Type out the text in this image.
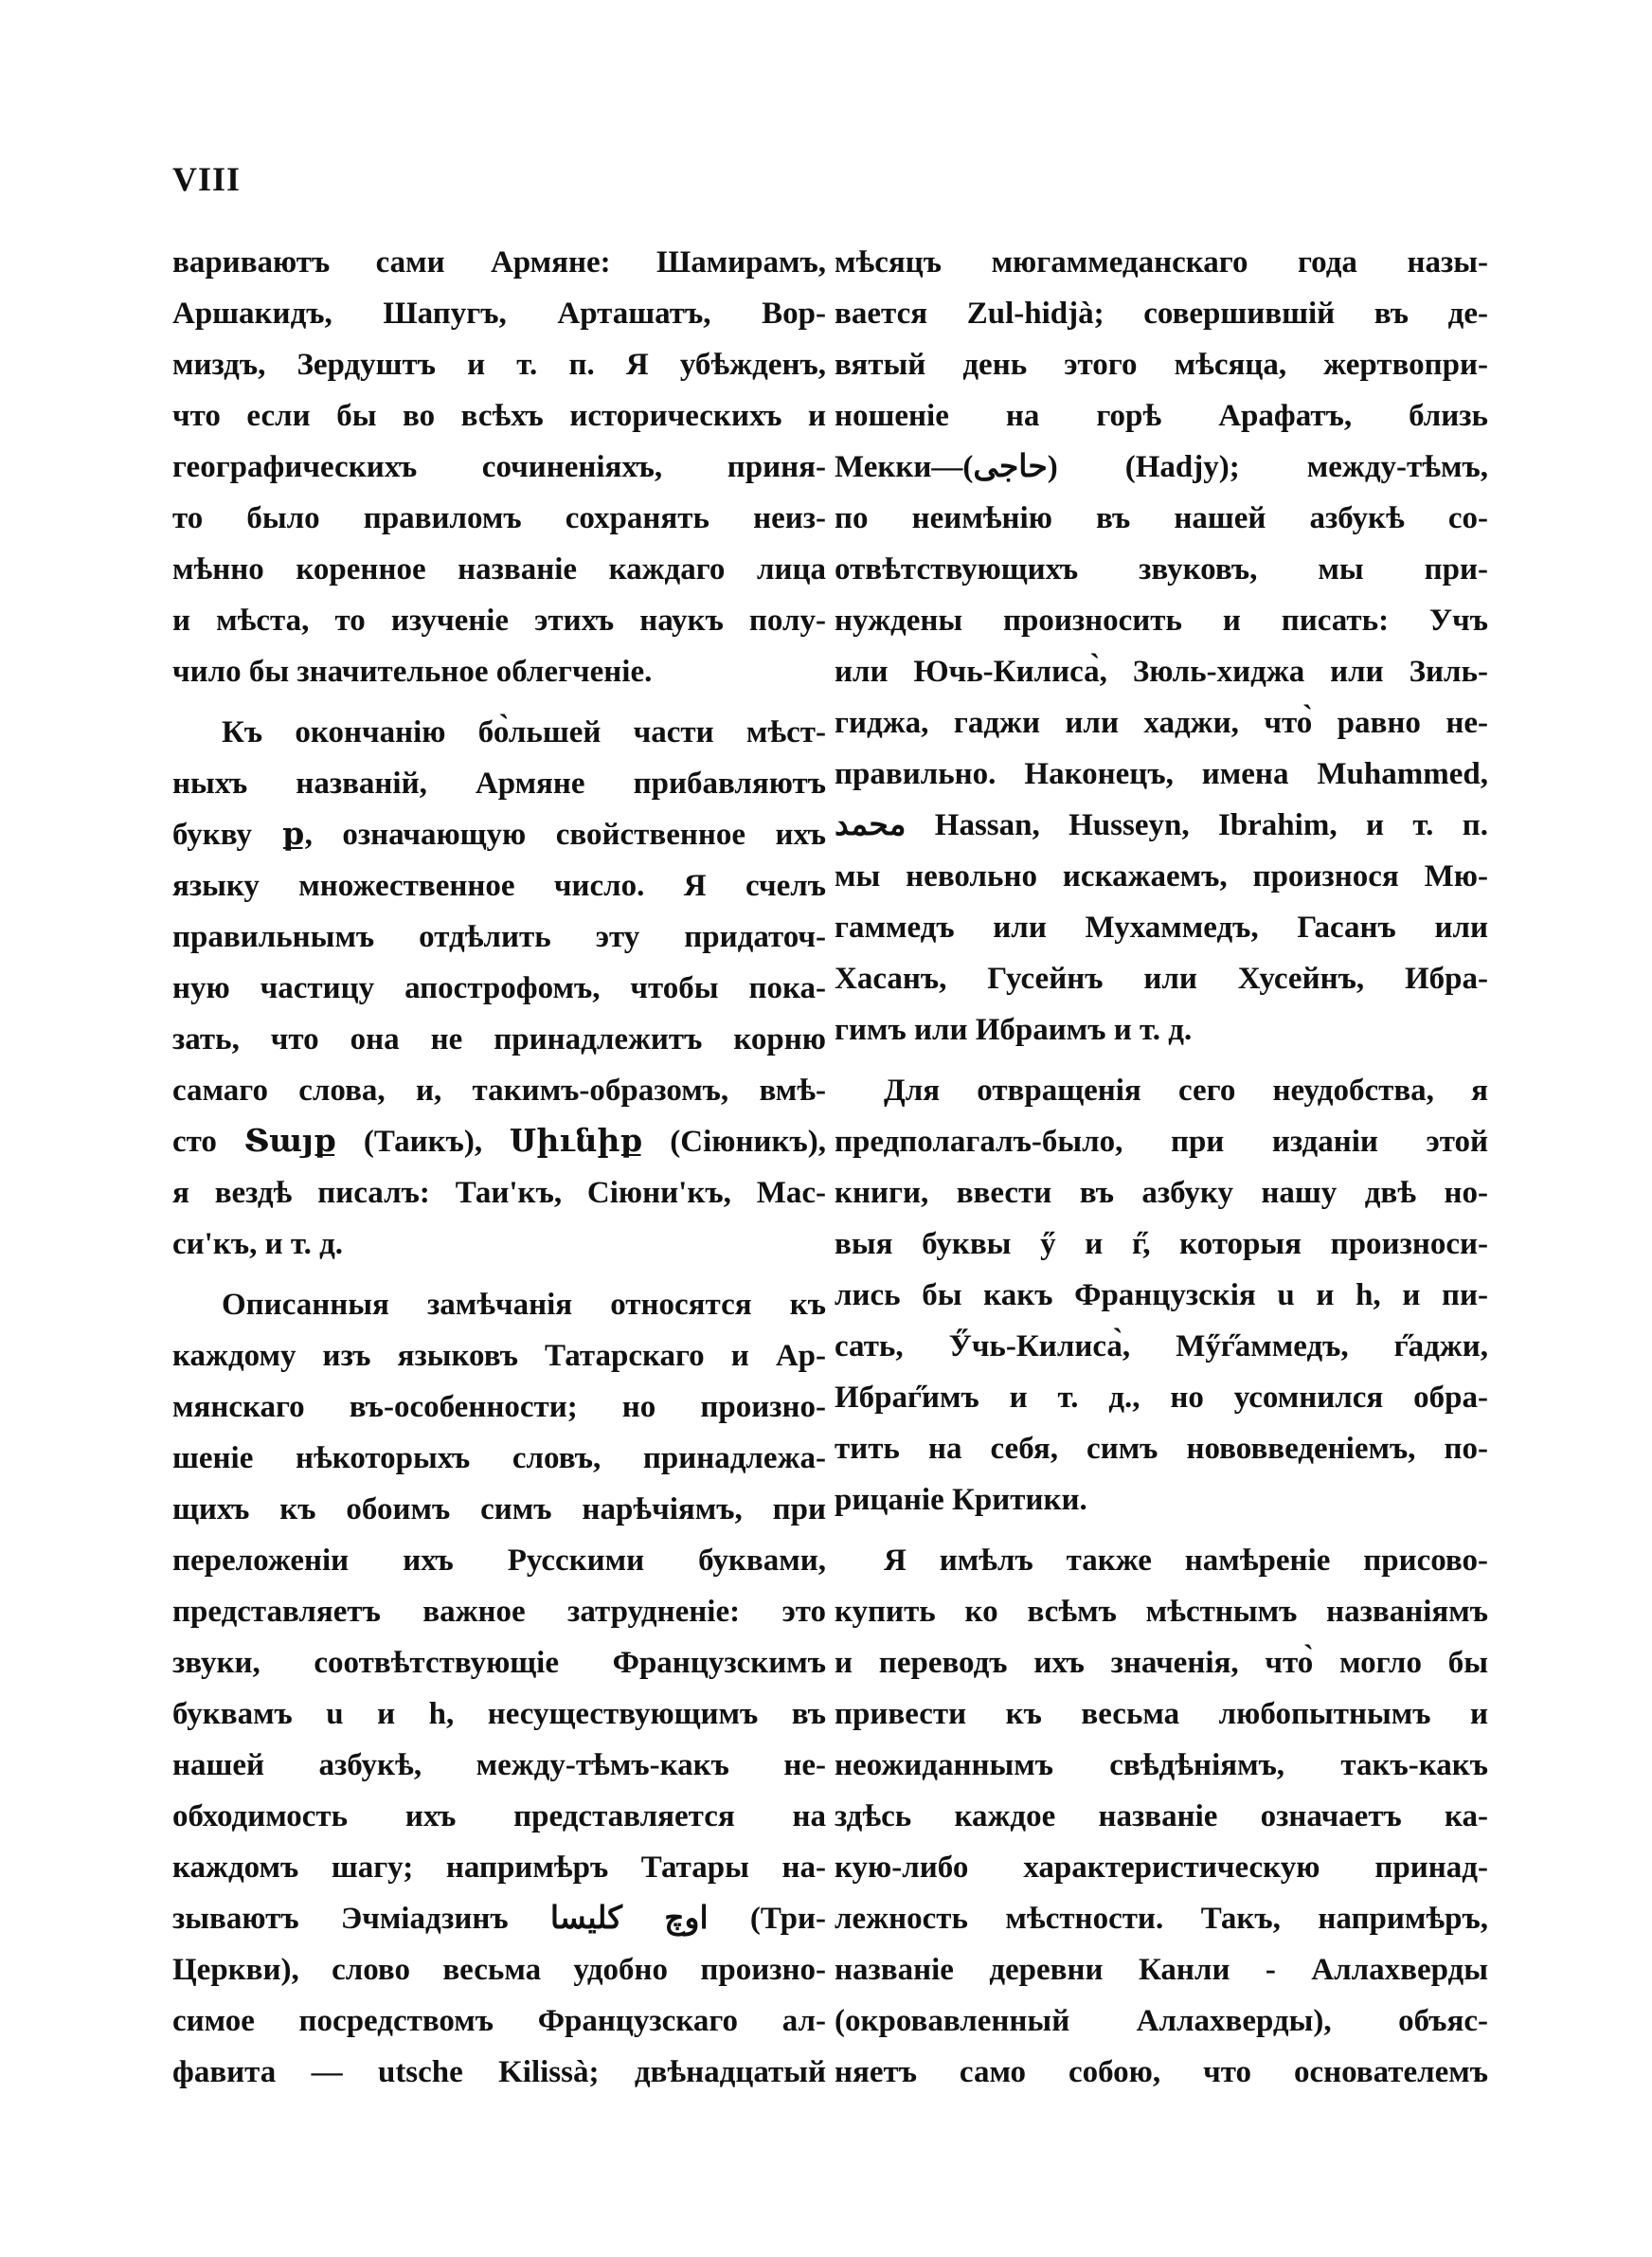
VIII
вариваютъ сами Армяне: Шамирамъ,
Аршакидъ, Шапугъ, Арташатъ, Вор-
миздъ, Зердуштъ и т. п. Я убѣжденъ,
что если бы во всѣхъ историческихъ и
географическихъ сочиненіяхъ, приня-
то было правиломъ сохранять неиз-
мѣнно коренное названіе каждаго лица
и мѣста, то изученіе этихъ наукъ полу-
чило бы значительное облегченіе.
Къ окончанію бо̀льшей части мѣст-
ныхъ названій, Армяне прибавляютъ
букву ք, означающую свойственное ихъ
языку множественное число. Я счелъ
правильнымъ отдѣлить эту придаточ-
ную частицу апострофомъ, чтобы пока-
зать, что она не принадлежитъ корню
самаго слова, и, такимъ-образомъ, вмѣ-
сто Տայք (Таикъ), Սիւնիք (Сіюникъ),
я вездѣ писалъ: Таи'къ, Сіюни'къ, Мас-
си'къ, и т. д.
Описанныя замѣчанія относятся къ
каждому изъ языковъ Татарскаго и Ар-
мянскаго въ-особенности; но произно-
шеніе нѣкоторыхъ словъ, принадлежа-
щихъ къ обоимъ симъ нарѣчіямъ, при
переложеніи ихъ Русскими буквами,
представляетъ важное затрудненіе: это
звуки, соотвѣтствующіе Французскимъ
буквамъ u и h, несуществующимъ въ
нашей азбукѣ, между-тѣмъ-какъ не-
обходимость ихъ представляется на
каждомъ шагу; напримѣръ Татары на-
зываютъ Эчміадзинъ اوچ کلیسا (Три-
Церкви), слово весьма удобно произно-
симое посредствомъ Французскаго ал-
фавита — utsche Kilissà; двѣнадцатый
мѣсяцъ мюгаммеданскаго года назы-
вается Zul-hidjà; совершившій въ де-
вятый день этого мѣсяца, жертвопри-
ношеніе на горѣ Арафатъ, близь
Мекки—(حاجى) (Hadjy); между-тѣмъ,
по неимѣнію въ нашей азбукѣ со-
отвѣтствующихъ звуковъ, мы при-
нуждены произносить и писать: Учъ
или Ючь-Килиса̀, Зюль-хиджа или Зиль-
гиджа, гаджи или хаджи, что̀ равно не-
правильно. Наконецъ, имена Muhammed,
محمد Hassan, Husseyn, Ibrahim, и т. п.
мы невольно искажаемъ, произнося Мю-
гаммедъ или Мухаммедъ, Гасанъ или
Хасанъ, Гусейнъ или Хусейнъ, Ибра-
гимъ или Ибраимъ и т. д.
Для отвращенія сего неудобства, я
предполагалъ-было, при изданіи этой
книги, ввести въ азбуку нашу двѣ но-
выя буквы ӳ и г̋, которыя произноси-
лись бы какъ Французскія u и h, и пи-
сать, Ӳчь-Килиса̀, Мӳг̋аммедъ, г̋аджи,
Ибраг̋имъ и т. д., но усомнился обра-
тить на себя, симъ нововведеніемъ, по-
рицаніе Критики.
Я имѣлъ также намѣреніе присово-
купить ко всѣмъ мѣстнымъ названіямъ
и переводъ ихъ значенія, что̀ могло бы
привести къ весьма любопытнымъ и
неожиданнымъ свѣдѣніямъ, такъ-какъ
здѣсь каждое названіе означаетъ ка-
кую-либо характеристическую принад-
лежность мѣстности. Такъ, напримѣръ,
названіе деревни Канли - Аллахверды
(окровавленный Аллахверды), объяс-
няетъ само собою, что основателемъ
